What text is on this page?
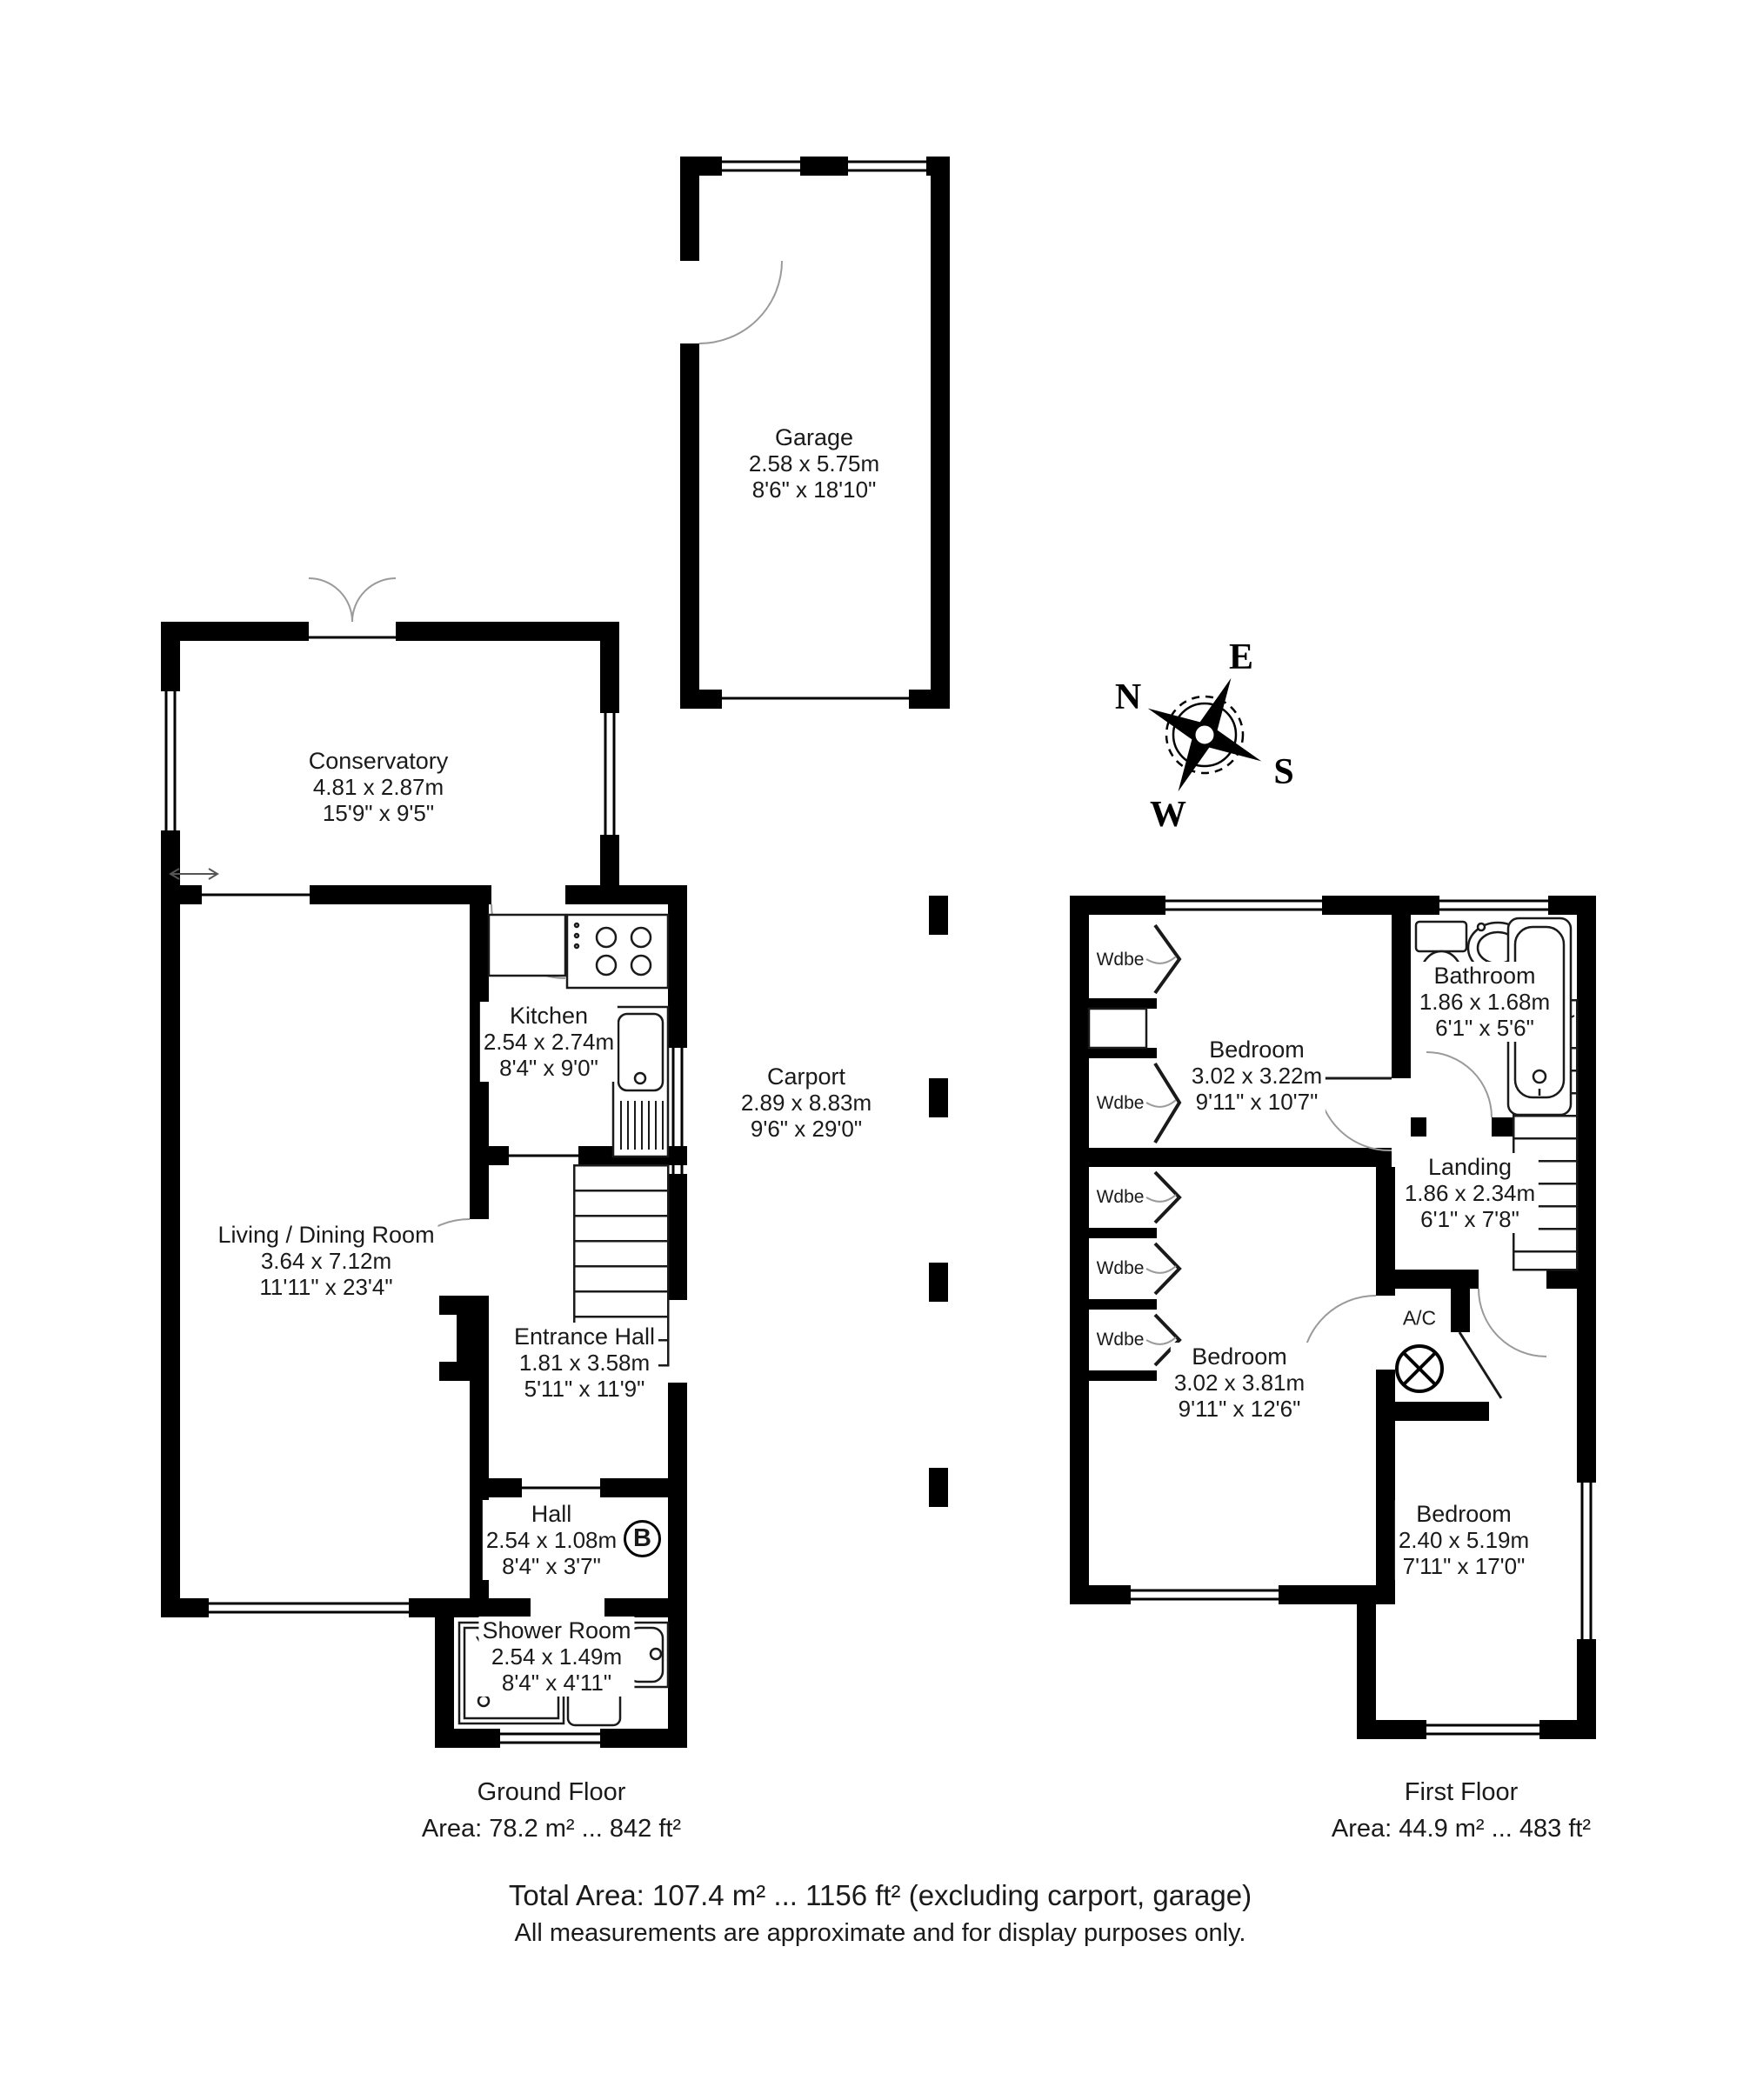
N
E
S
W
Garage
2.58 x 5.75m
8'6" x 18'10"
Conservatory
4.81 x 2.87m
15'9" x 9'5"
Kitchen
2.54 x 2.74m
8'4" x 9'0"	Carport
2.89 x 8.83m
9'6" x 29'0"
Living / Dining Room
3.64 x 7.12m
11'11" x 23'4"
Entrance Hall
1.81 x 3.58m
5'11" x 11'9"
Hall
2.54 x 1.08m
8'4" x 3'7"
B
Shower Room
2.54 x 1.49m
8'4" x 4'11"
Bathroom
1.86 x 1.68m
6'1" x 5'6"
Bedroom
3.02 x 3.22m
9'11" x 10'7"
Landing
1.86 x 2.34m
6'1" x 7'8"
Bedroom
3.02 x 3.81m
9'11" x 12'6"
Bedroom
2.40 x 5.19m
7'11" x 17'0"
Wdbe
Wdbe
Wdbe
Wdbe
Wdbe
A/C
Ground Floor
Area: 78.2 m² ... 842 ft²
First Floor
Area: 44.9 m² ... 483 ft²
Total Area: 107.4 m² ... 1156 ft² (excluding carport, garage)
All measurements are approximate and for display purposes only.
